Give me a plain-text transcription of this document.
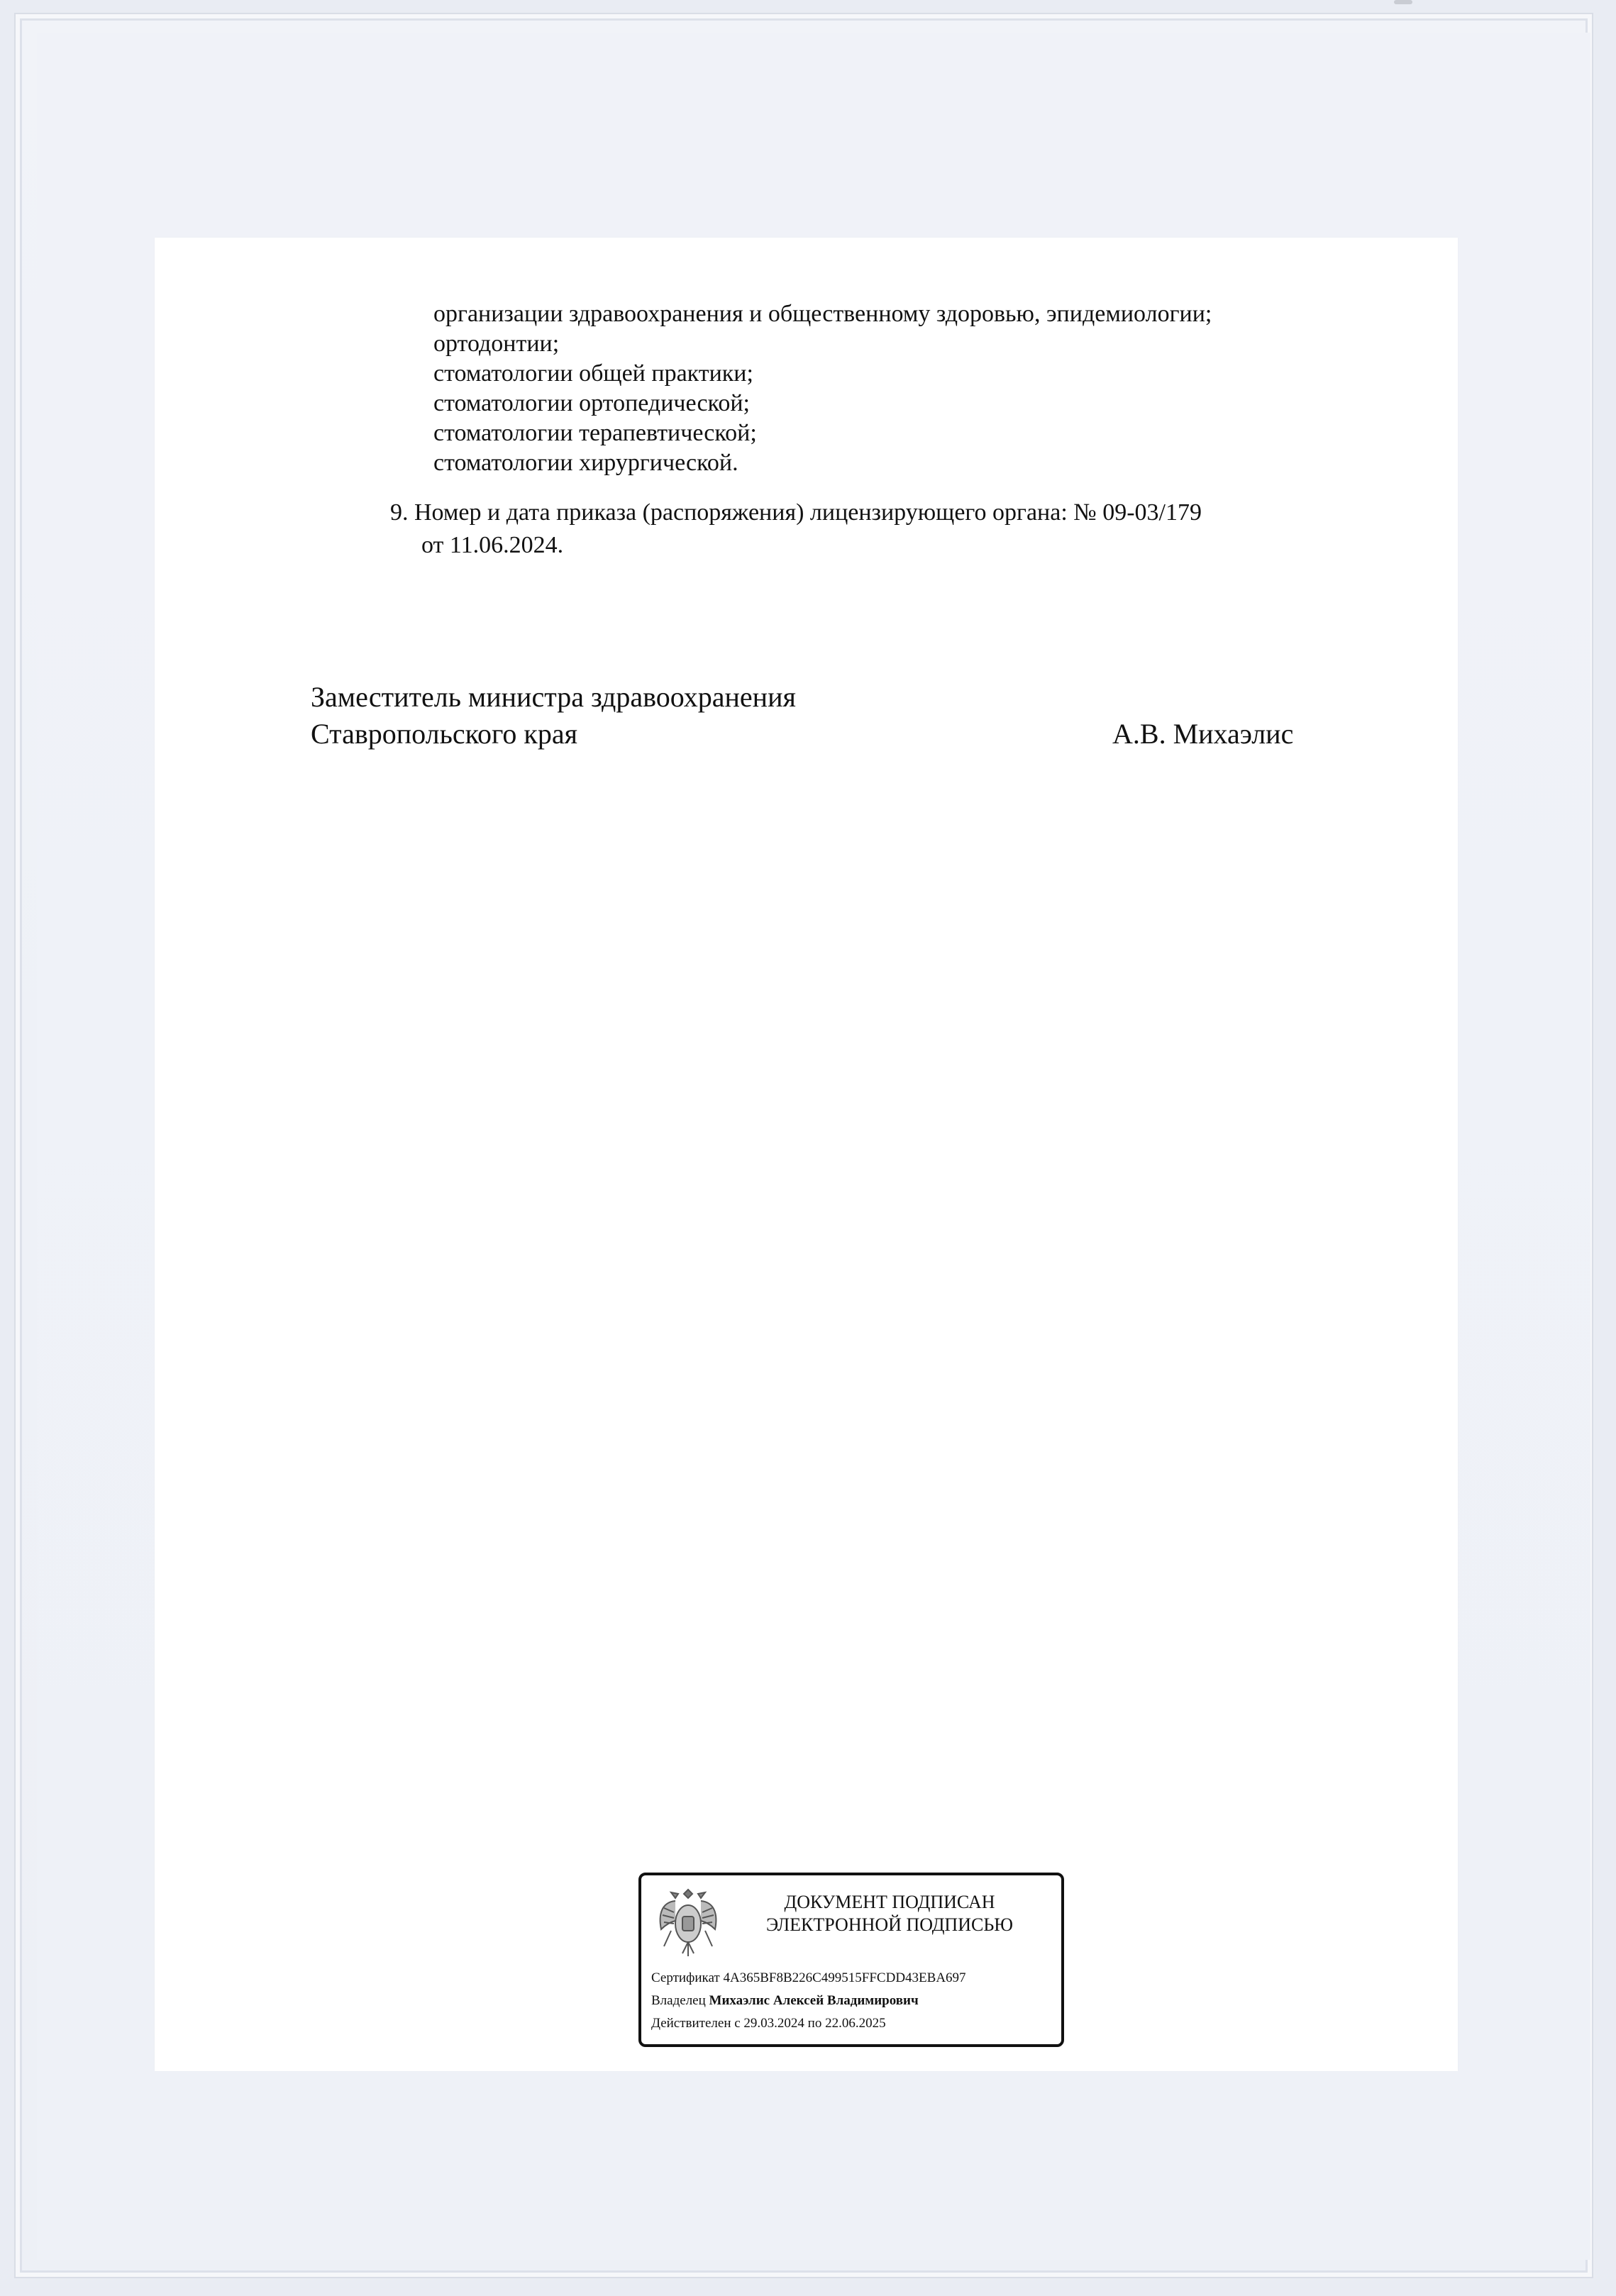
организации здравоохранения и общественному здоровью, эпидемиологии;
ортодонтии;
стоматологии общей практики;
стоматологии ортопедической;
стоматологии терапевтической;
стоматологии хирургической.
9. Номер и дата приказа (распоряжения) лицензирующего органа: № 09-03/179
от 11.06.2024.
Заместитель министра здравоохранения
Ставропольского края	А.В. Михаэлис
ДОКУМЕНТ ПОДПИСАН
ЭЛЕКТРОННОЙ ПОДПИСЬЮ
Сертификат 4A365BF8B226C499515FFCDD43EBA697
Владелец Михаэлис Алексей Владимирович
Действителен с 29.03.2024 по 22.06.2025
